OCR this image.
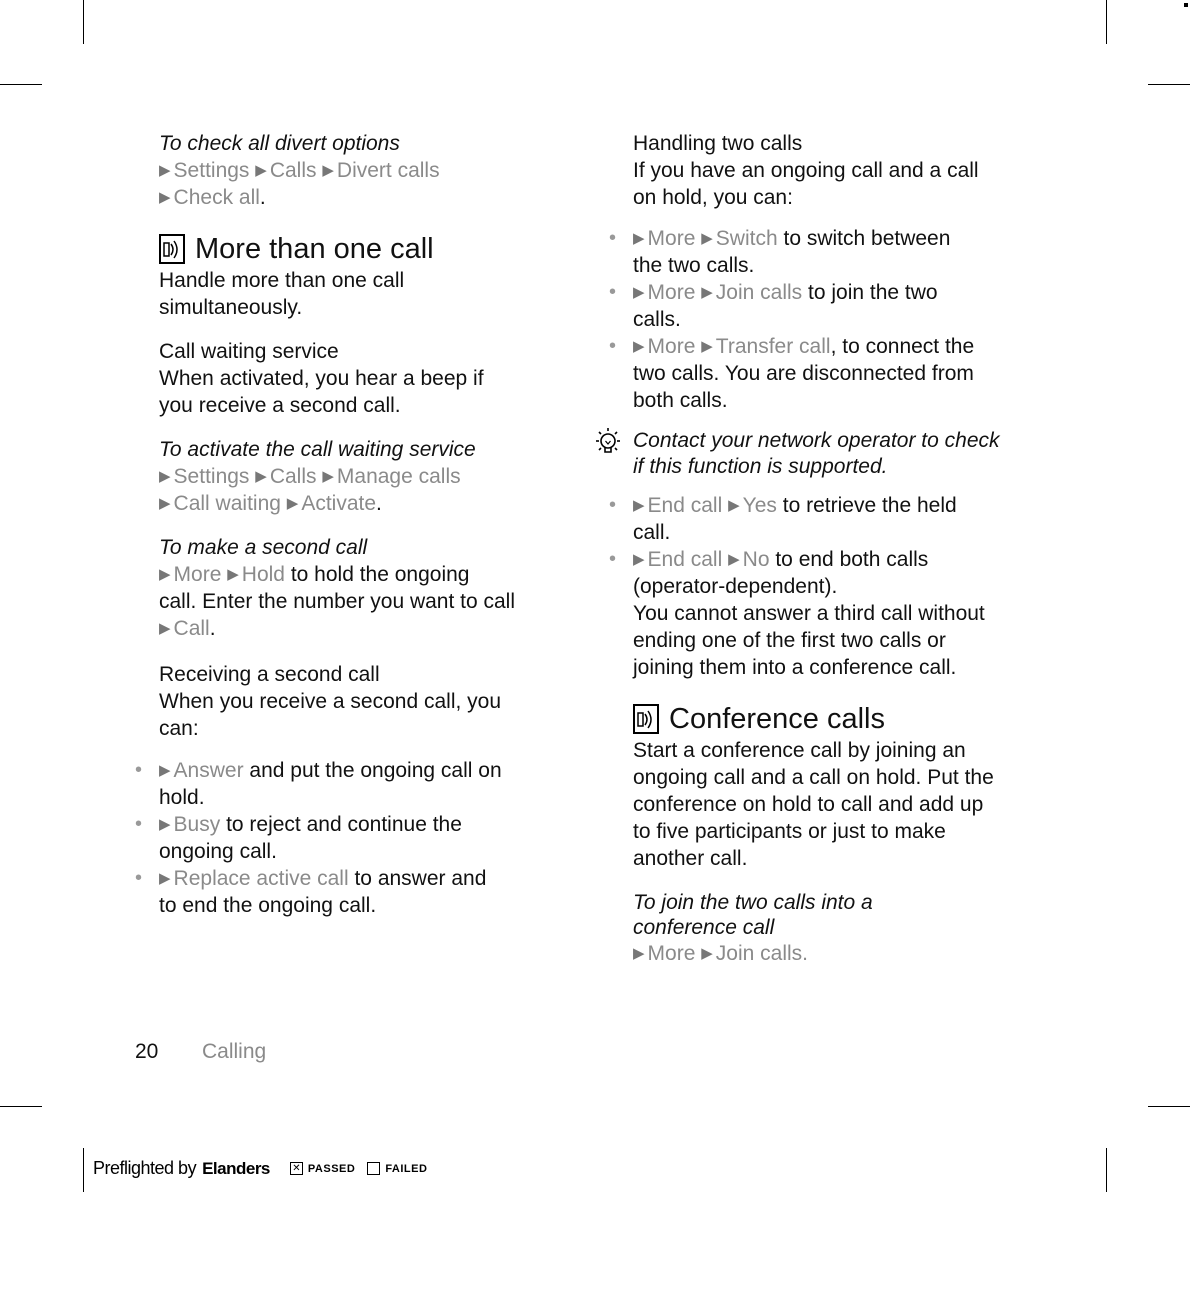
To check all divert options

▶ Settings ▶ Calls ▶ Divert calls

▶ Check all.

More than one call

Handle more than one call

simultaneously.

Call waiting service

When activated, you hear a beep if

you receive a second call.

To activate the call waiting service

▶ Settings ▶ Calls ▶ Manage calls

▶ Call waiting ▶ Activate.

To make a second call

▶ More ▶ Hold to hold the ongoing

call. Enter the number you want to call

▶ Call.

Receiving a second call

When you receive a second call, you

can:

• ▶ Answer and put the ongoing call on
hold.
• ▶ Busy to reject and continue the
ongoing call.
• ▶ Replace active call to answer and
to end the ongoing call.

Handling two calls

If you have an ongoing call and a call

on hold, you can:

• ▶ More ▶ Switch to switch between
the two calls.
• ▶ More ▶ Join calls to join the two
calls.
• ▶ More ▶ Transfer call, to connect the
two calls. You are disconnected from
both calls.
Contact your network operator to check
if this function is supported.
• ▶ End call ▶ Yes to retrieve the held
call.
• ▶ End call ▶ No to end both calls
(operator-dependent).

You cannot answer a third call without

ending one of the first two calls or

joining them into a conference call.

Conference calls

Start a conference call by joining an

ongoing call and a call on hold. Put the

conference on hold to call and add up

to five participants or just to make

another call.

To join the two calls into a

conference call

▶ More ▶ Join calls.

20 Calling
Preflighted by Elanders ✕ PASSED	FAILED
